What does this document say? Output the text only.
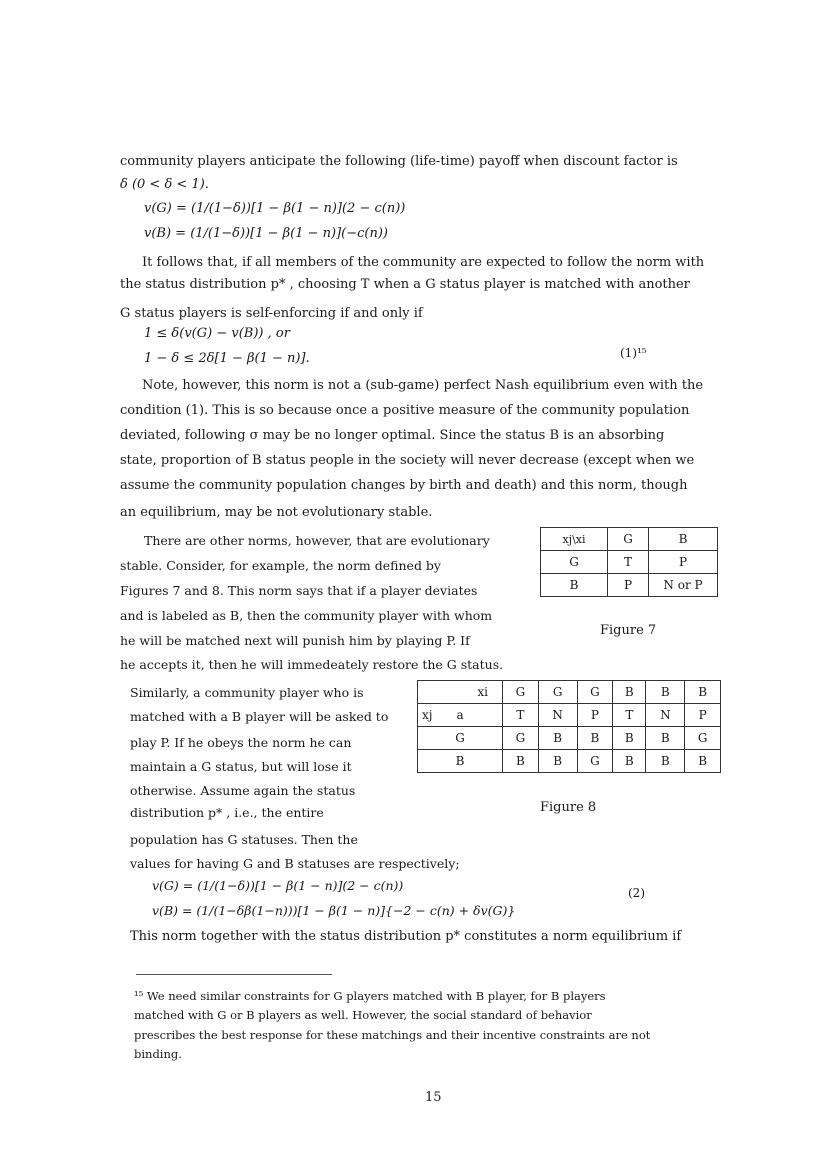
community players anticipate the following (life-time) payoff when discount factor is
δ (0 < δ < 1).
v(G) = (1/(1−δ))[1 − β(1 − n)](2 − c(n))
v(B) = (1/(1−δ))[1 − β(1 − n)](−c(n))
It follows that, if all members of the community are expected to follow the norm with
the status distribution p* , choosing T when a G status player is matched with another
G status players is self-enforcing if and only if
1 ≤ δ(v(G) − v(B)) , or
1 − δ ≤ 2δ[1 − β(1 − n)].	(1)¹⁵
Note, however, this norm is not a (sub-game) perfect Nash equilibrium even with the
condition (1). This is so because once a positive measure of the community population
deviated, following σ may be no longer optimal. Since the status B is an absorbing
state, proportion of B status people in the society will never decrease (except when we
assume the community population changes by birth and death) and this norm, though
an equilibrium, may be not evolutionary stable.
There are other norms, however, that are evolutionary
stable. Consider, for example, the norm defined by
Figures 7 and 8. This norm says that if a player deviates
and is labeled as B, then the community player with whom
he will be matched next will punish him by playing P. If
he accepts it, then he will immedeately restore the G status.
xj\xi	G	B
G	T	P
B	P	N or P
Figure 7
Similarly, a community player who is
matched with a B player will be asked to
play P. If he obeys the norm he can
maintain a G status, but will lose it
otherwise. Assume again the status
distribution p* , i.e., the entire
population has G statuses. Then the
xi	G	G	G	B	B	B
xj a	T	N	P	T	N	P
G	G	B	B	B	B	G
B	B	B	G	B	B	B
Figure 8
values for having G and B statuses are respectively;
v(G) = (1/(1−δ))[1 − β(1 − n)](2 − c(n))
v(B) = (1/(1−δβ(1−n)))[1 − β(1 − n)]{−2 − c(n) + δv(G)}
(2)
This norm together with the status distribution p* constitutes a norm equilibrium if
¹⁵ We need similar constraints for G players matched with B player, for B players
matched with G or B players as well. However, the social standard of behavior
prescribes the best response for these matchings and their incentive constraints are not
binding.
15
